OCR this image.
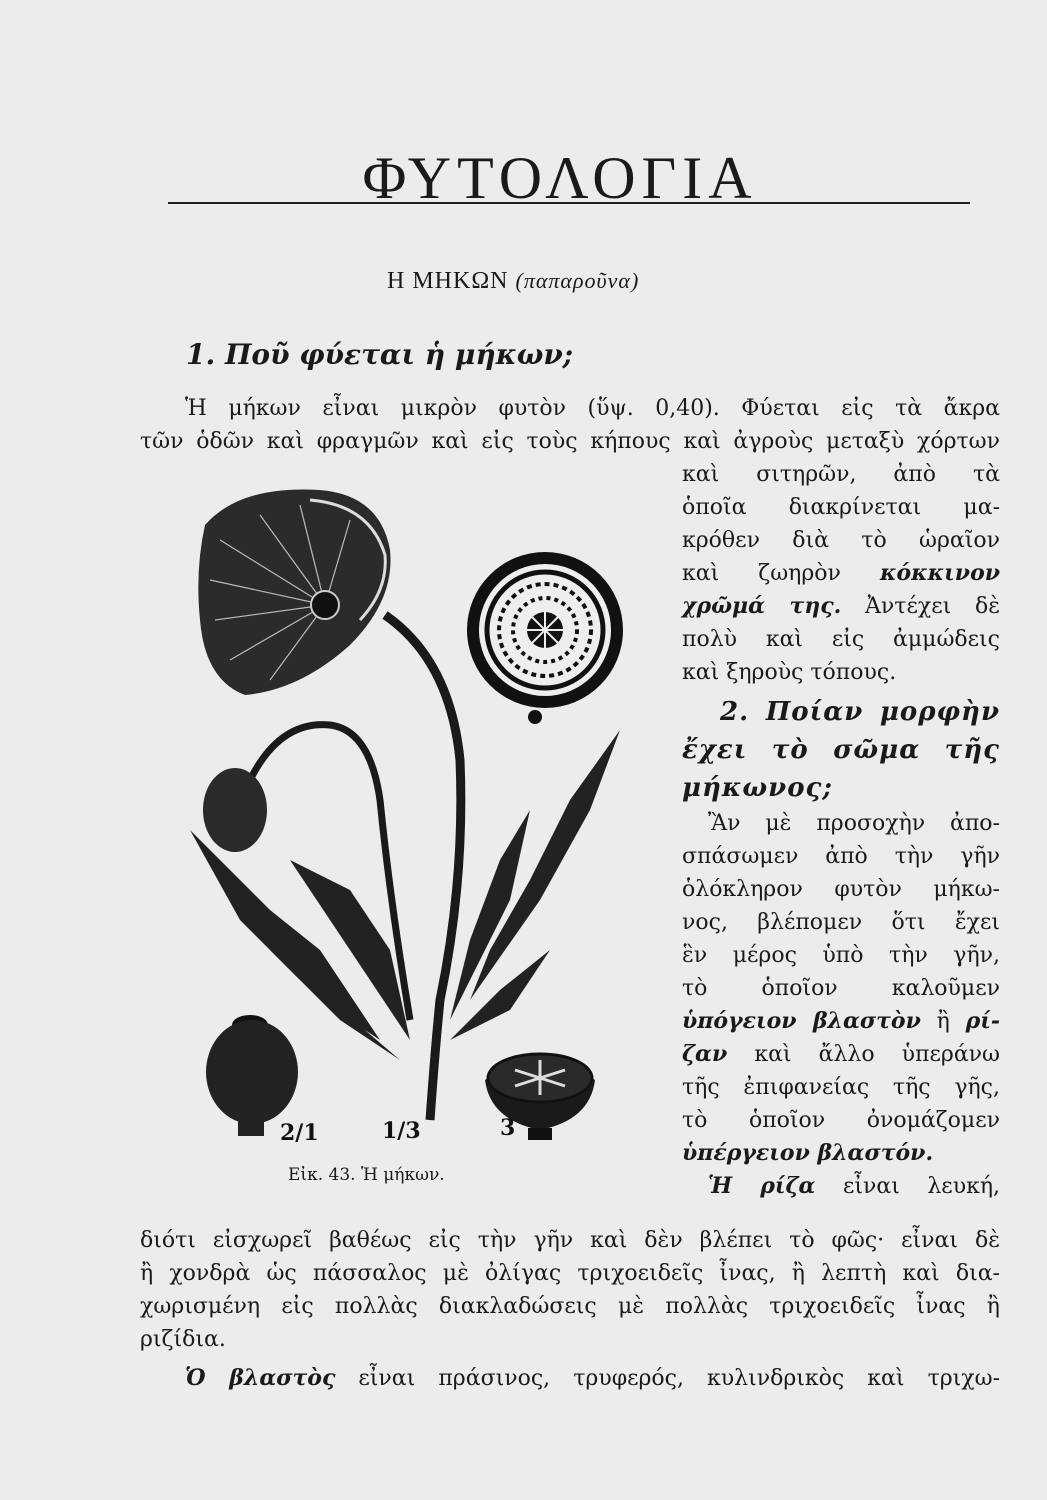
ΦΥΤΟΛΟΓΙΑ
Η ΜΗΚΩΝ (παπαροῦνα)
1. Ποῦ φύεται ἡ μήκων;
Ἡ μήκων εἶναι μικρὸν φυτὸν (ὕψ. 0,40). Φύεται εἰς τὰ ἄκρα
τῶν ὁδῶν καὶ φραγμῶν καὶ εἰς τοὺς κήπους καὶ ἀγροὺς μεταξὺ χόρτων
καὶ σιτηρῶν, ἀπὸ τὰ
ὁποῖα διακρίνεται μα-
κρόθεν διὰ τὸ ὡραῖον
καὶ ζωηρὸν κόκκινον
χρῶμά της. Ἀντέχει δὲ
πολὺ καὶ εἰς ἀμμώδεις
καὶ ξηροὺς τόπους.
2. Ποίαν μορφὴν
ἔχει τὸ σῶμα τῆς
μήκωνος;
Ἂν μὲ προσοχὴν ἀπο-
σπάσωμεν ἀπὸ τὴν γῆν
ὁλόκληρον φυτὸν μήκω-
νος, βλέπομεν ὅτι ἔχει
ἓν μέρος ὑπὸ τὴν γῆν,
τὸ ὁποῖον καλοῦμεν
ὑπόγειον βλαστὸν ἢ ρί-
ζαν καὶ ἄλλο ὑπεράνω
τῆς ἐπιφανείας τῆς γῆς,
τὸ ὁποῖον ὀνομάζομεν
ὑπέργειον βλαστόν.
Ἡ ρίζα εἶναι λευκή,
διότι εἰσχωρεῖ βαθέως εἰς τὴν γῆν καὶ δὲν βλέπει τὸ φῶς· εἶναι δὲ
ἢ χονδρὰ ὡς πάσσαλος μὲ ὀλίγας τριχοειδεῖς ἶνας, ἢ λεπτὴ καὶ δια-
χωρισμένη εἰς πολλὰς διακλαδώσεις μὲ πολλὰς τριχοειδεῖς ἶνας ἢ
ριζίδια.
Ὁ βλαστὸς εἶναι πράσινος, τρυφερός, κυλινδρικὸς καὶ τριχω-
2/1	1/3	3
Εἰκ. 43. Ἡ μήκων.
